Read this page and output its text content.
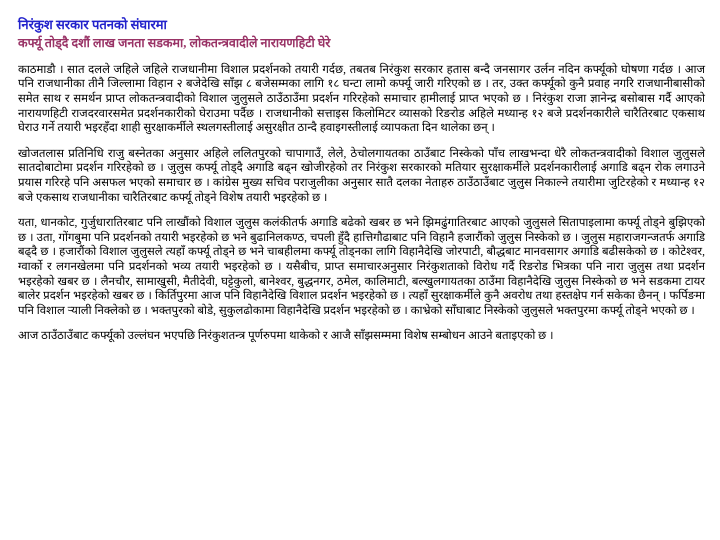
निरंकुश सरकार पतनको संघारमा
कर्फ्यू तोड्दै दशौं लाख जनता सडकमा, लोकतन्त्रवादीले नारायणहिटी घेरे

काठमाडौ । सात दलले जहिले जहिले राजधानीमा विशाल प्रदर्शनको तयारी गर्दछ, तबतब निरंकुश सरकार हतास बन्दै जनसागर उर्लन नदिन कर्फ्यूको घोषणा गर्दछ । आज पनि राजधानीका तीनै जिल्लामा विहान २ बजेदेखि साँझ ८ बजेसम्मका लागि १८ घन्टा लामो कर्फ्यू जारी गरिएको छ । तर, उक्त कर्फ्यूको कुनै प्रवाह नगरि राजधानीबासीको समेत साथ र समर्थन प्राप्त लोकतन्त्रवादीको विशाल जुलुसले ठाउँठाउँमा प्रदर्शन गरिरहेको समाचार हामीलाई प्राप्त भएको छ । निरंकुश राजा ज्ञानेन्द्र बसोबास गर्दै आएको नारायणहिटी राजदरवारसमेत प्रदर्शनकारीको घेराउमा पर्दैछ । राजधानीको सत्ताइस किलोमिटर व्यासको रिङरोड अहिले मध्यान्ह १२ बजे प्रदर्शनकारीले चारैतिरबाट एकसाथ घेराउ गर्ने तयारी भइरहँदा शाही सुरक्षाकर्मीले स्थलगस्तीलाई असुरक्षीत ठान्दै हवाइगस्तीलाई व्यापकता दिन थालेका छन् ।

खोजतलास प्रतिनिधि राजु बस्नेतका अनुसार अहिले ललितपुरको चापागाउँ, लेले, ठेचोलगायतका ठाउँबाट निस्केको पाँच लाखभन्दा धेरै लोकतन्त्रवादीको विशाल जुलुसले सातदोबाटोमा प्रदर्शन गरिरहेको छ । जुलुस कर्फ्यू तोड्दै अगाडि बढ्न खोजीरहेको तर निरंकुश सरकारको मतियार सुरक्षाकर्मीले प्रदर्शनकारीलाई अगाडि बढ्न रोक लगाउने प्रयास गरिरहे पनि असफल भएको समाचार छ । कांग्रेस मुख्य सचिव पराजुलीका अनुसार सातै दलका नेताहरु ठाउँठाउँबाट जुलुस निकाल्ने तयारीमा जुटिरहेको र मध्यान्ह १२ बजे एकसाथ राजधानीका चारैतिरबाट कर्फ्यू तोड्ने विशेष तयारी भइरहेको छ ।

यता, धानकोट, गुर्जुधारातिरबाट पनि लाखौंको विशाल जुलुस कलंकीतर्फ अगाडि बढेको खबर छ भने झिमढुंगातिरबाट आएको जुलुसले सितापाइलामा कर्फ्यू तोड्ने बुझिएको छ । उता, गोंगबुमा पनि प्रदर्शनको तयारी भइरहेको छ भने बुढानिलकण्ठ, चपली हुँदै हात्तिगौढाबाट पनि विहानै हजारौंको जुलुस निस्केको छ । जुलुस महाराजगन्जतर्फ अगाडि बढ्दै छ । हजारौंको विशाल जुलुसले त्यहाँ कर्फ्यू तोड्ने छ भने चाबहीलमा कर्फ्यू तोड्नका लागि विहानैदेखि जोरपाटी, बौद्धबाट मानवसागर अगाडि बढीसकेको छ । कोटेश्वर, ग्वार्को र लगनखेलमा पनि प्रदर्शनको भव्य तयारी भइरहेको छ । यसैबीच, प्राप्त समाचारअनुसार निरंकुशताको विरोध गर्दै रिङरोड भित्रका पनि नारा जुलुस तथा प्रदर्शन भइरहेको खबर छ । लैनचौर, सामाखुसी, मैतीदेवी, घट्टेकुलो, बानेश्वर, बुद्धनगर, ठमेल, कालिमाटी, बल्खुलगायतका ठाउँमा विहानैदेखि जुलुस निस्केको छ भने सडकमा टायर बालेर प्रदर्शन भइरहेको खबर छ । किर्तिपुरमा आज पनि विहानैदेखि विशाल प्रदर्शन भइरहेको छ । त्यहाँ सुरक्षाकर्मीले कुनै अवरोध तथा हस्तक्षेप गर्न सकेका छैनन् । फर्पिङमा पनि विशाल र्‍याली निक्लेको छ । भक्तपुरको बोडे, सुकुलढोकामा विहानैदेखि प्रदर्शन भइरहेको छ । काभ्रेको साँघाबाट निस्केको जुलुसले भक्तपुरमा कर्फ्यू तोड्ने भएको छ ।

आज ठाउँठाउँबाट कर्फ्यूको उल्लंघन भएपछि निरंकुशतन्त्र पूर्णरुपमा थाकेको र आजै साँझसम्ममा विशेष सम्बोधन आउने बताइएको छ ।
